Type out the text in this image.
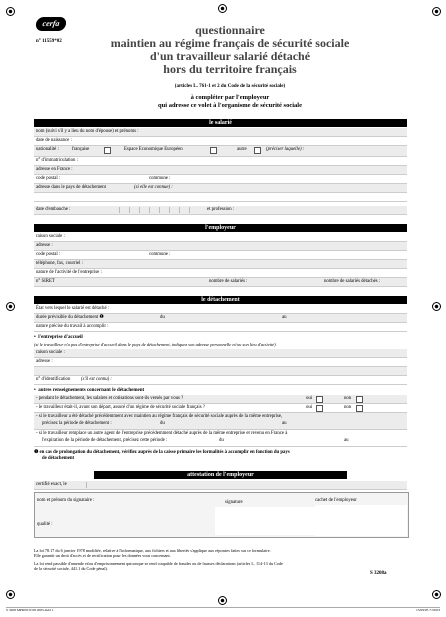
cerfa
n° 11559*02
questionnaire
maintien au régime français de sécurité sociale
d'un travailleur salarié détaché
hors du territoire français
(articles L. 761-1 et 2 du Code de la sécurité sociale)
à compléter par l'employeur
qui adresse ce volet à l'organisme de sécurité sociale
le salarié
nom (suivi s'il y a lieu du nom d'épouse) et prénoms :
date de naissance :
nationalité :	française	Espace Economique Européen	autre	(préciser laquelle) :
n° d'immatriculation :
adresse en France :
code postal :	commune :
adresse dans le pays de détachement	(si elle est connue) :
date d'embauche :	et profession :
l'employeur
raison sociale :
adresse :
code postal :	commune :
téléphone, fax, courriel :
nature de l'activité de l'entreprise :
n° SIRET	nombre de salariés :	nombre de salariés détachés :
le détachement
État vers lequel le salarié est détaché :
durée prévisible du détachement ❶	du	au
nature précise du travail à accomplir :
•  l'entreprise d'accueil
(si le travailleur n'a pas d'entreprise d'accueil dans le pays de détachement, indiquez son adresse personnelle et/ou son lieu d'activité)
raison sociale :
adresse :
n° d'identification (s'il est connu) :
•  autres renseignements concernant le détachement
- pendant le détachement, les salaires et cotisations sont-ils versés par vous ?	oui	non
- le travailleur était-il, avant son départ, assuré d'un régime de sécurité sociale français ?	oui	non
- si le travailleur a été détaché précédemment avec maintien au régime français de sécurité sociale auprès de la même entreprise,
précisez la période de détachement :	du	au
- si le travailleur remplace un autre agent de l'entreprise précédemment détaché auprès de la même entreprise et revenu en France à
l'expiration de la période de détachement, précisez cette période :	du	au
❶ en cas de prolongation du détachement, vérifiez auprès de la caisse primaire les formalités à accomplir en fonction du pays
de détachement
attestation de l'employeur
certifié exact, le
nom et prénom du signataire :	signature	cachet de l'employeur
qualité :
La loi 78.17 du 6 janvier 1978 modifiée, relative à l'informatique, aux fichiers et aux libertés s'applique aux réponses faites sur ce formulaire.
Elle garantit un droit d'accès et de rectification pour les données vous concernant.
La loi rend passible d'amende et/ou d'emprisonnement quiconque se rend coupable de fraudes ou de fausses déclarations (articles L. 114-13 du Code
de la sécurité sociale, 441.1 du Code pénal).
S 3208a
S 3208 MPRNCN 08 2005.indd 1	15/09/05 7:50:03
